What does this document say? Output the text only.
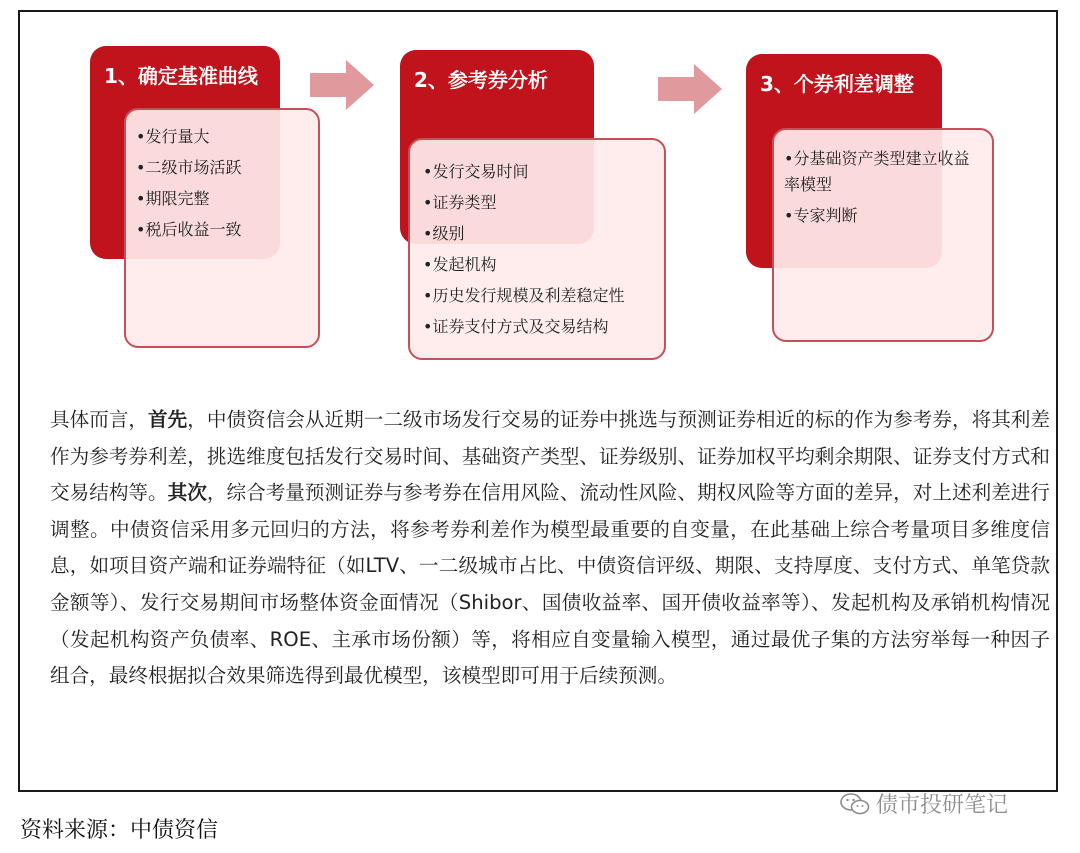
1、确定基准曲线
•发行量大
•二级市场活跃
•期限完整
•税后收益一致
2、参考券分析
•发行交易时间
•证券类型
•级别
•发起机构
•历史发行规模及利差稳定性
•证券支付方式及交易结构
3、个券利差调整
•分基础资产类型建立收益率模型
•专家判断

具体而言，首先，中债资信会从近期一二级市场发行交易的证券中挑选与预测证券相近的标的作为参考券，将其利差作为参考券利差，挑选维度包括发行交易时间、基础资产类型、证券级别、证券加权平均剩余期限、证券支付方式和交易结构等。其次，综合考量预测证券与参考券在信用风险、流动性风险、期权风险等方面的差异，对上述利差进行调整。中债资信采用多元回归的方法，将参考券利差作为模型最重要的自变量，在此基础上综合考量项目多维度信息，如项目资产端和证券端特征（如LTV、一二级城市占比、中债资信评级、期限、支持厚度、支付方式、单笔贷款金额等）、发行交易期间市场整体资金面情况（Shibor、国债收益率、国开债收益率等）、发起机构及承销机构情况（发起机构资产负债率、ROE、主承市场份额）等，将相应自变量输入模型，通过最优子集的方法穷举每一种因子组合，最终根据拟合效果筛选得到最优模型，该模型即可用于后续预测。

资料来源：中债资信
债市投研笔记
